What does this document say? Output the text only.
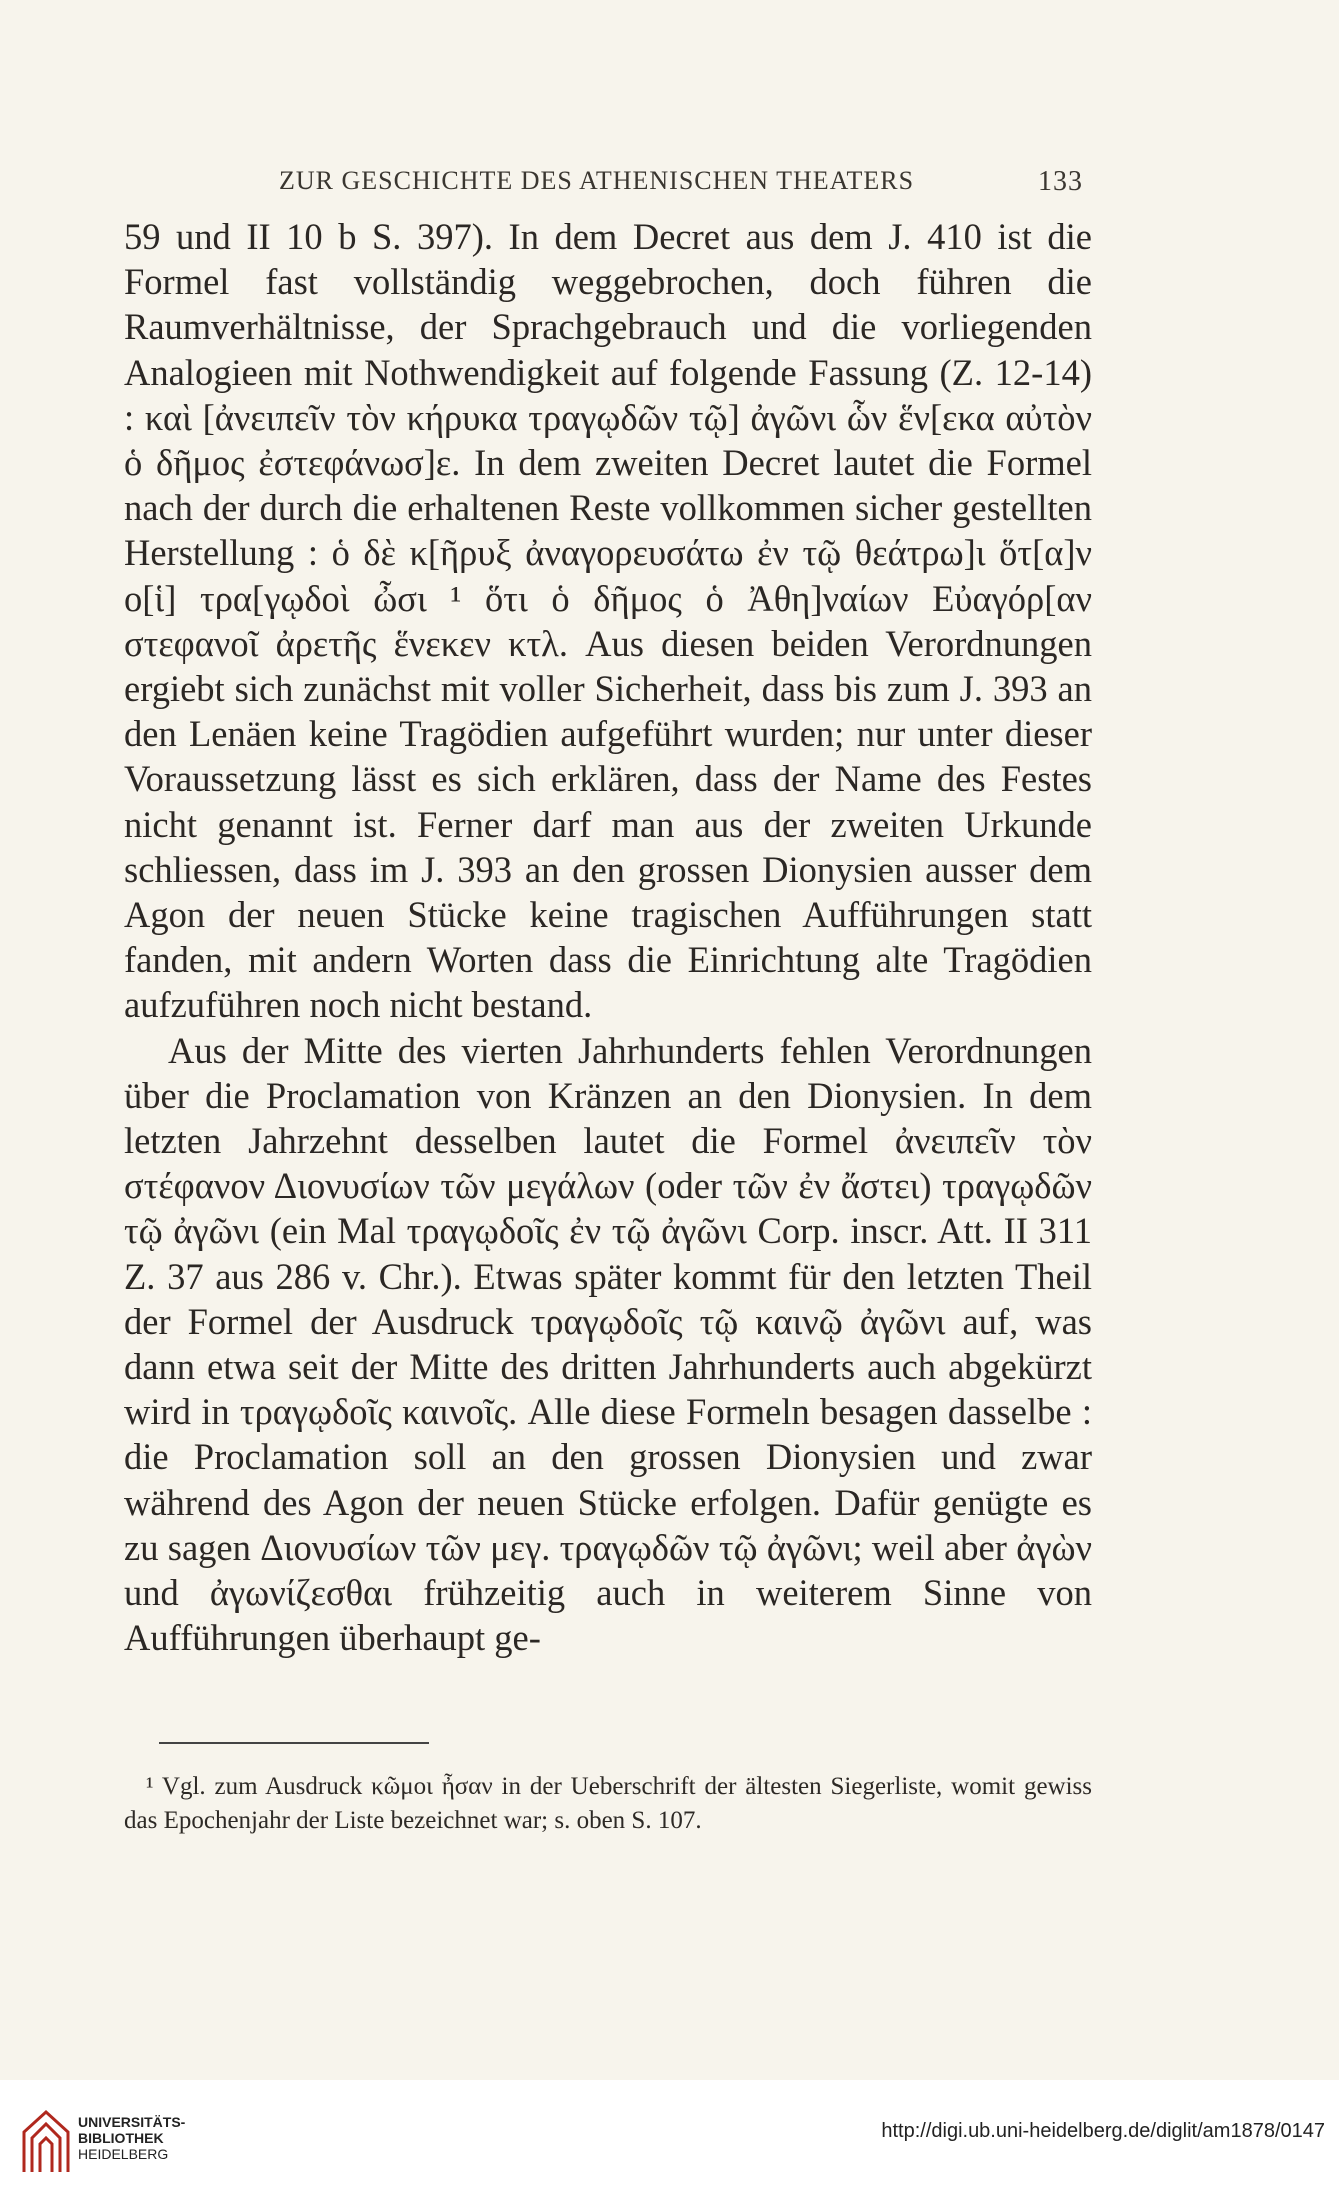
ZUR GESCHICHTE DES ATHENISCHEN THEATERS	133

59 und II 10 b S. 397). In dem Decret aus dem J. 410 ist die Formel fast vollständig weggebrochen, doch führen die Raumverhältnisse, der Sprachgebrauch und die vorliegenden Analogieen mit Nothwendigkeit auf folgende Fassung (Z. 12-14) : καὶ [ἀνειπεῖν τὸν κήρυκα τραγῳδῶν τῷ] ἀγῶνι ὧν ἕν[εκα αὐτὸν ὁ δῆμος ἐστεφάνωσ]ε. In dem zweiten Decret lautet die Formel nach der durch die erhaltenen Reste vollkommen sicher gestellten Herstellung : ὁ δὲ κ[ῆρυξ ἀναγορευσάτω ἐν τῷ θεάτρω]ι ὅτ[α]ν ο[ἱ] τρα[γῳδοὶ ὦσι ¹ ὅτι ὁ δῆμος ὁ Ἀθη]ναίων Εὐαγόρ[αν στεφανοῖ ἀρετῆς ἕνεκεν κτλ. Aus diesen beiden Verordnungen ergiebt sich zunächst mit voller Sicherheit, dass bis zum J. 393 an den Lenäen keine Tragödien aufgeführt wurden; nur unter dieser Voraussetzung lässt es sich erklären, dass der Name des Festes nicht genannt ist. Ferner darf man aus der zweiten Urkunde schliessen, dass im J. 393 an den grossen Dionysien ausser dem Agon der neuen Stücke keine tragischen Aufführungen statt fanden, mit andern Worten dass die Einrichtung alte Tragödien aufzuführen noch nicht bestand.

Aus der Mitte des vierten Jahrhunderts fehlen Verordnungen über die Proclamation von Kränzen an den Dionysien. In dem letzten Jahrzehnt desselben lautet die Formel ἀνειπεῖν τὸν στέφανον Διονυσίων τῶν μεγάλων (oder τῶν ἐν ἄστει) τραγῳδῶν τῷ ἀγῶνι (ein Mal τραγῳδοῖς ἐν τῷ ἀγῶνι Corp. inscr. Att. II 311 Z. 37 aus 286 v. Chr.). Etwas später kommt für den letzten Theil der Formel der Ausdruck τραγῳδοῖς τῷ καινῷ ἀγῶνι auf, was dann etwa seit der Mitte des dritten Jahrhunderts auch abgekürzt wird in τραγῳδοῖς καινοῖς. Alle diese Formeln besagen dasselbe : die Proclamation soll an den grossen Dionysien und zwar während des Agon der neuen Stücke erfolgen. Dafür genügte es zu sagen Διονυσίων τῶν μεγ. τραγῳδῶν τῷ ἀγῶνι; weil aber ἀγὼν und ἀγωνίζεσθαι frühzeitig auch in weiterem Sinne von Aufführungen überhaupt ge-

¹ Vgl. zum Ausdruck κῶμοι ἦσαν in der Ueberschrift der ältesten Siegerliste, womit gewiss das Epochenjahr der Liste bezeichnet war; s. oben S. 107.

UNIVERSITÄTS-
BIBLIOTHEK
HEIDELBERG
http://digi.ub.uni-heidelberg.de/diglit/am1878/0147
